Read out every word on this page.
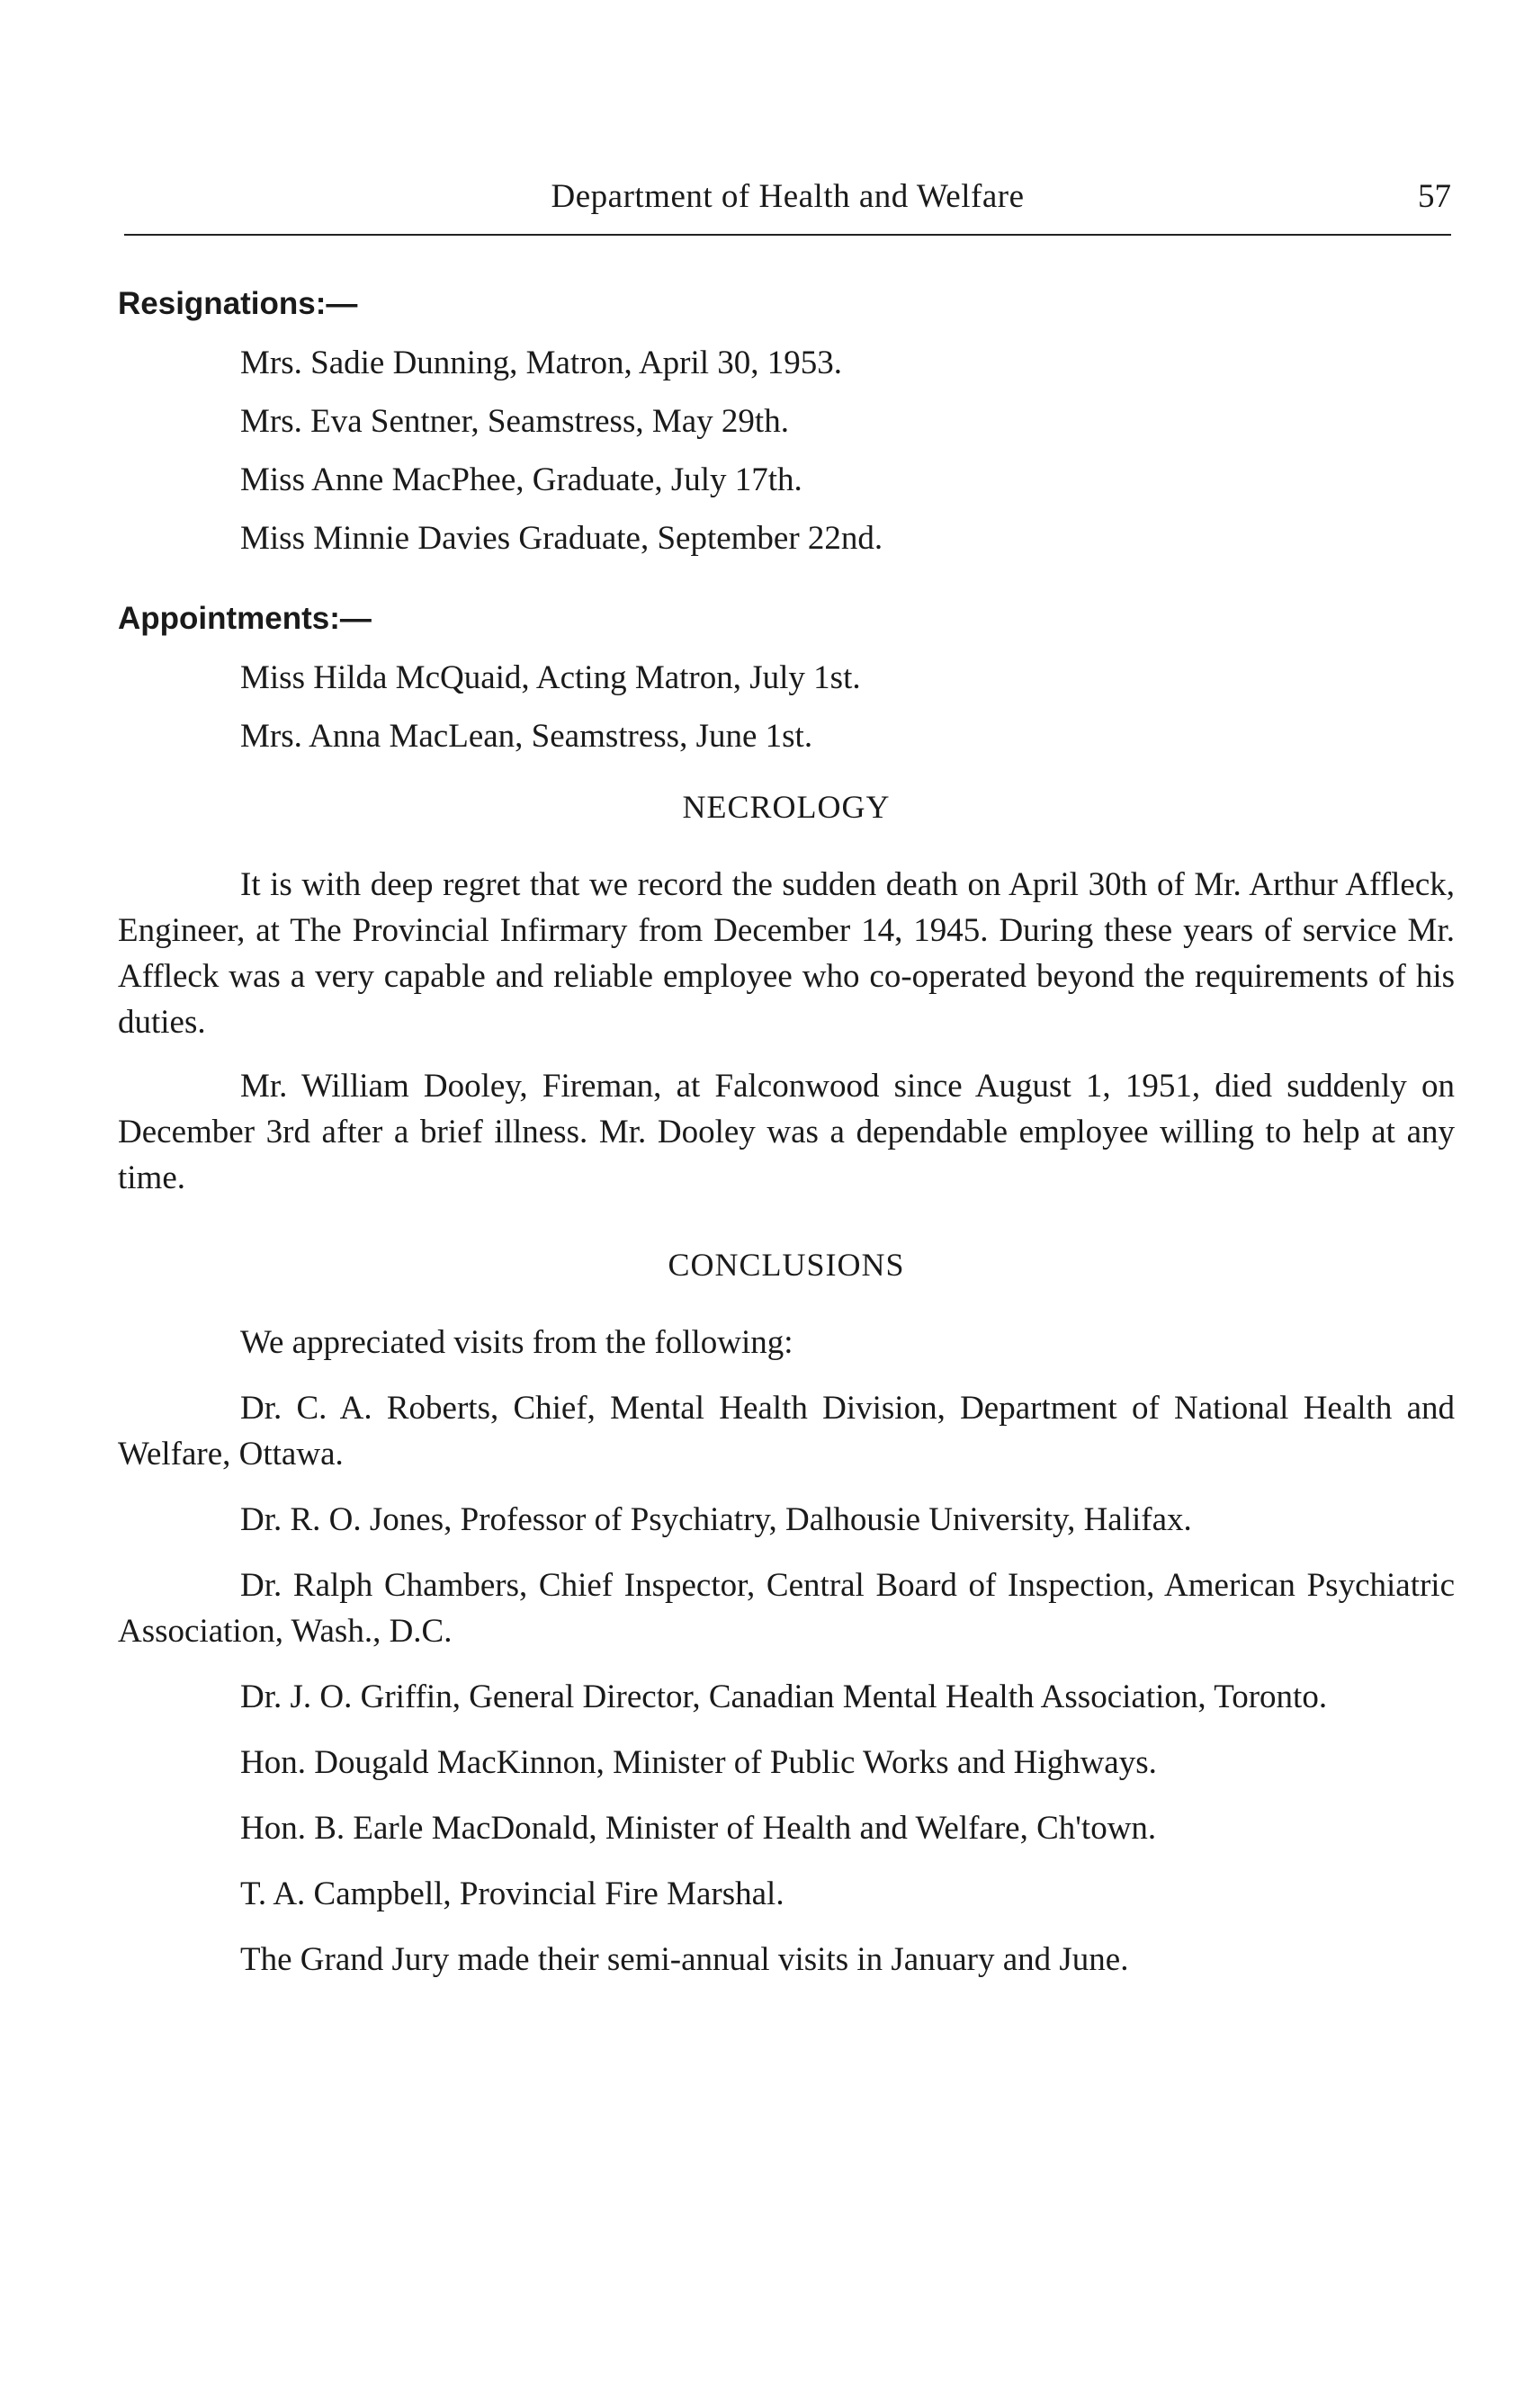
Department of Health and Welfare	57

Resignations:—

Mrs. Sadie Dunning, Matron, April 30, 1953.
Mrs. Eva Sentner, Seamstress, May 29th.
Miss Anne MacPhee, Graduate, July 17th.
Miss Minnie Davies Graduate, September 22nd.

Appointments:—

Miss Hilda McQuaid, Acting Matron, July 1st.
Mrs. Anna MacLean, Seamstress, June 1st.
NECROLOGY

It is with deep regret that we record the sudden death on April 30th of Mr. Arthur Affleck, Engineer, at The Provincial Infirmary from December 14, 1945. During these years of service Mr. Affleck was a very capable and reliable employee who co-operated beyond the requirements of his duties.

Mr. William Dooley, Fireman, at Falconwood since August 1, 1951, died suddenly on December 3rd after a brief illness. Mr. Dooley was a dependable employee willing to help at any time.

CONCLUSIONS

We appreciated visits from the following:

Dr. C. A. Roberts, Chief, Mental Health Division, Department of National Health and Welfare, Ottawa.

Dr. R. O. Jones, Professor of Psychiatry, Dalhousie University, Halifax.

Dr. Ralph Chambers, Chief Inspector, Central Board of Inspection, American Psychiatric Association, Wash., D.C.

Dr. J. O. Griffin, General Director, Canadian Mental Health Association, Toronto.

Hon. Dougald MacKinnon, Minister of Public Works and Highways.

Hon. B. Earle MacDonald, Minister of Health and Welfare, Ch'town.

T. A. Campbell, Provincial Fire Marshal.

The Grand Jury made their semi-annual visits in January and June.
